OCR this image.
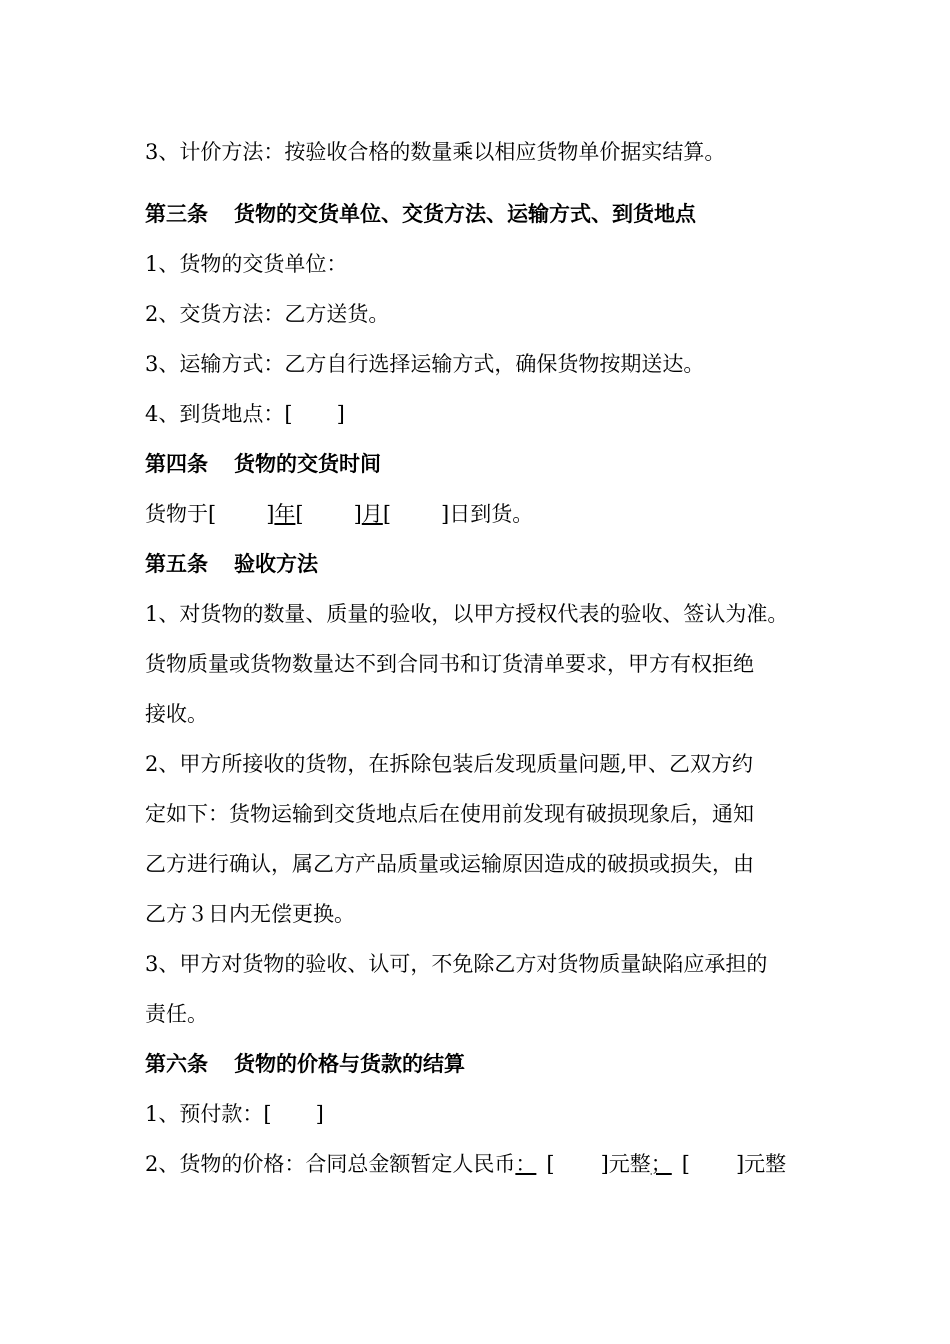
3、计价方法：按验收合格的数量乘以相应货物单价据实结算。
第三条 货物的交货单位、交货方法、运输方式、到货地点
1、货物的交货单位：
2、交货方法：乙方送货。
3、运输方式：乙方自行选择运输方式，确保货物按期送达。
4、到货地点：[ ]
第四条 货物的交货时间
货物于[ ]年[ ]月[ ]日到货。
第五条 验收方法
1、对货物的数量、质量的验收，以甲方授权代表的验收、签认为准。
货物质量或货物数量达不到合同书和订货清单要求，甲方有权拒绝
接收。
2、甲方所接收的货物，在拆除包装后发现质量问题,甲、乙双方约
定如下：货物运输到交货地点后在使用前发现有破损现象后，通知
乙方进行确认，属乙方产品质量或运输原因造成的破损或损失，由
乙方３日内无偿更换。
3、甲方对货物的验收、认可，不免除乙方对货物质量缺陷应承担的
责任。
第六条 货物的价格与货款的结算
1、预付款：[ ]
2、货物的价格：合同总金额暂定人民币： [ ]元整； [ ]元整
